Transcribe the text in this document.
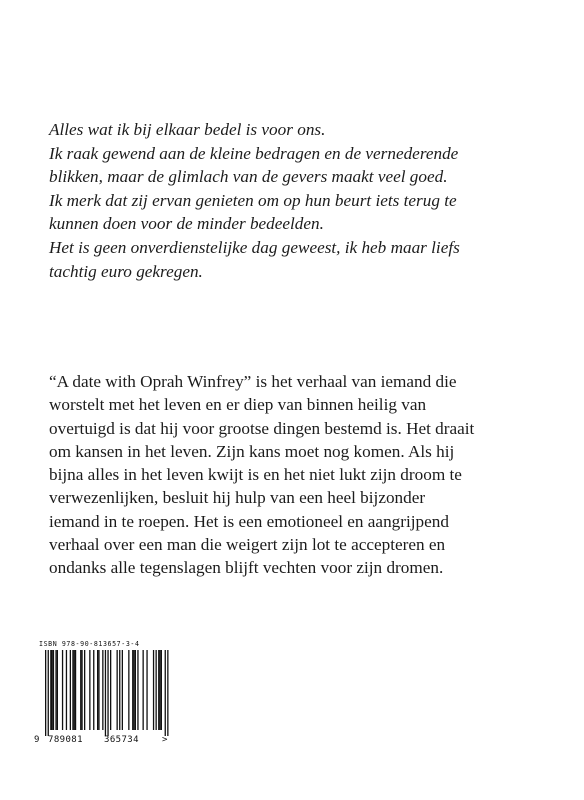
Alles wat ik bij elkaar bedel is voor ons.
Ik raak gewend aan de kleine bedragen en de vernederende
blikken, maar de glimlach van de gevers maakt veel goed.
Ik merk dat zij ervan genieten om op hun beurt iets terug te
kunnen doen voor de minder bedeelden.
Het is geen onverdienstelijke dag geweest, ik heb maar liefs
tachtig euro gekregen.
“A date with Oprah Winfrey” is het verhaal van iemand die
worstelt met het leven en er diep van binnen heilig van
overtuigd is dat hij voor grootse dingen bestemd is. Het draait
om kansen in het leven. Zijn kans moet nog komen. Als hij
bijna alles in het leven kwijt is en het niet lukt zijn droom te
verwezenlijken, besluit hij hulp van een heel bijzonder
iemand in te roepen. Het is een emotioneel en aangrijpend
verhaal over een man die weigert zijn lot te accepteren en
ondanks alle tegenslagen blijft vechten voor zijn dromen.
ISBN 978-90-813657-3-4
9 789081 365734	>
